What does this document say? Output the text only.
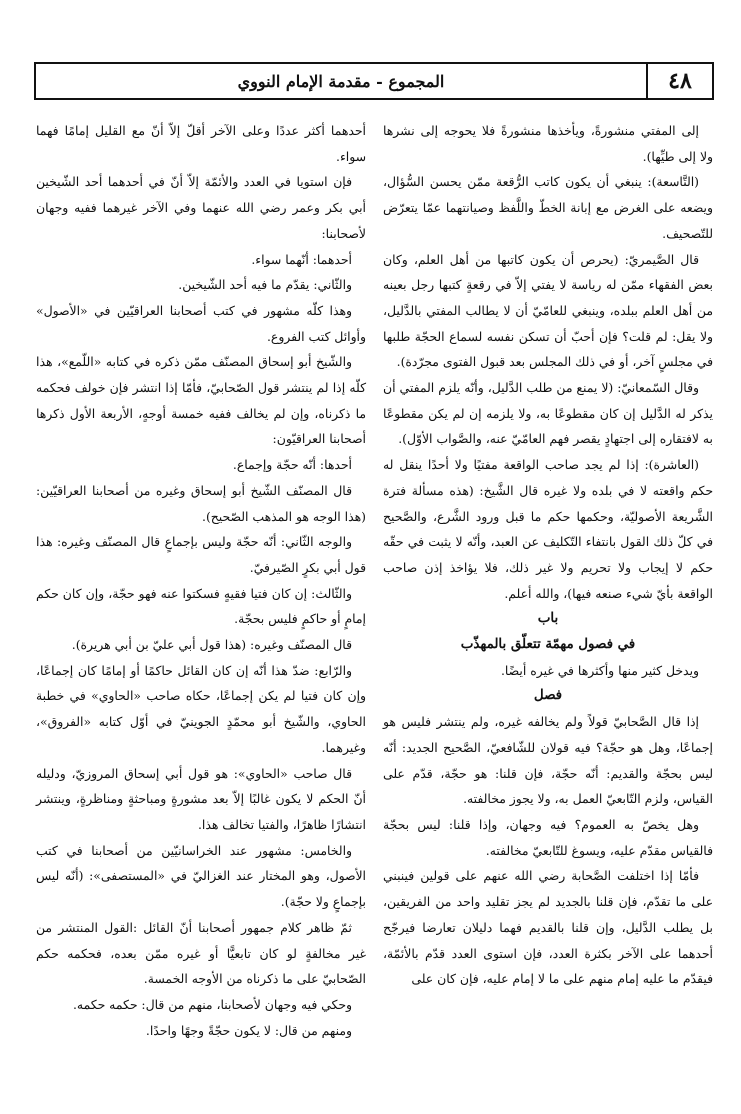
المجموع - مقدمة الإمام النووي	٤٨

إلى المفتي منشورةً، ويأخذها منشورةً فلا يحوجه إلى نشرها ولا إلى طيِّها).

(التَّاسعة): ينبغي أن يكون كاتب الرُّقعة ممّن يحسن السُّؤال، ويضعه على الغرض مع إبانة الخطّ واللَّفظ وصيانتهما عمّا يتعرّض للتّصحيف.

قال الصَّيمريّ: (يحرص أن يكون كاتبها من أهل العلم، وكان بعض الفقهاء ممّن له رياسة لا يفتي إلاّ في رقعةٍ كتبها رجل بعينه من أهل العلم ببلده، وينبغي للعامّيّ أن لا يطالب المفتي بالدَّليل، ولا يقل: لم قلت؟ فإن أحبّ أن تسكن نفسه لسماع الحجّة طلبها في مجلسٍ آخر، أو في ذلك المجلس بعد قبول الفتوى مجرّدة).

وقال السّمعانيّ: (لا يمنع من طلب الدَّليل، وأنّه يلزم المفتي أن يذكر له الدَّليل إن كان مقطوعًا به، ولا يلزمه إن لم يكن مقطوعًا به لافتقاره إلى اجتهادٍ يقصر فهم العامّيّ عنه، والصَّواب الأوّل).

(العاشرة): إذا لم يجد صاحب الواقعة مفتيًا ولا أحدًا ينقل له حكم واقعته لا في بلده ولا غيره قال الشَّيخ: (هذه مسألة فترة الشَّريعة الأصوليّة، وحكمها حكم ما قبل ورود الشَّرع، والصَّحيح في كلّ ذلك القول بانتفاء التّكليف عن العبد، وأنّه لا يثبت في حقّه حكم لا إيجاب ولا تحريم ولا غير ذلك، فلا يؤاخذ إذن صاحب الواقعة بأيّ شيء صنعه فيها)، والله أعلم.

باب

في فصول مهمّة تتعلّق بالمهذّب

ويدخل كثير منها وأكثرها في غيره أيضًا.

فصل

إذا قال الصَّحابيّ قولاً ولم يخالفه غيره، ولم ينتشر فليس هو إجماعًا، وهل هو حجّة؟ فيه قولان للشّافعيّ، الصَّحيح الجديد: أنّه ليس بحجّة والقديم: أنّه حجّة، فإن قلنا: هو حجّة، قدّم على القياس، ولزم التّابعيّ العمل به، ولا يجوز مخالفته.

وهل يخصّ به العموم؟ فيه وجهان، وإذا قلنا: ليس بحجّة فالقياس مقدّم عليه، ويسوغ للتّابعيّ مخالفته.

فأمّا إذا اختلفت الصَّحابة رضي الله عنهم على قولين فينبني على ما تقدّم، فإن قلنا بالجديد لم يجز تقليد واحد من الفريقين، بل يطلب الدَّليل، وإن قلنا بالقديم فهما دليلان تعارضا فيرجّح أحدهما على الآخر بكثرة العدد، فإن استوى العدد قدّم بالأئمّة، فيقدّم ما عليه إمام منهم على ما لا إمام عليه، فإن كان على

أحدهما أكثر عددًا وعلى الآخر أقلّ إلاّ أنّ مع القليل إمامًا فهما سواء.

فإن استويا في العدد والأئمّة إلاّ أنّ في أحدهما أحد الشّيخين أبي بكر وعمر رضي الله عنهما وفي الآخر غيرهما ففيه وجهان لأصحابنا:

أحدهما: أنّهما سواء.

والثّاني: يقدّم ما فيه أحد الشّيخين.

وهذا كلّه مشهور في كتب أصحابنا العراقيّين في «الأصول» وأوائل كتب الفروع.

والشّيخ أبو إسحاق المصنّف ممّن ذكره في كتابه «اللّمع»، هذا كلّه إذا لم ينتشر قول الصّحابيّ، فأمّا إذا انتشر فإن خولف فحكمه ما ذكرناه، وإن لم يخالف ففيه خمسة أوجهٍ، الأربعة الأول ذكرها أصحابنا العراقيّون:

أحدها: أنّه حجّة وإجماع.

قال المصنّف الشّيخ أبو إسحاق وغيره من أصحابنا العراقيّين: (هذا الوجه هو المذهب الصّحيح).

والوجه الثّاني: أنّه حجّة وليس بإجماعٍ قال المصنّف وغيره: هذا قول أبي بكرٍ الصّيرفيّ.

والثّالث: إن كان فتيا فقيهٍ فسكتوا عنه فهو حجّة، وإن كان حكم إمامٍ أو حاكمٍ فليس بحجّة.

قال المصنّف وغيره: (هذا قول أبي عليّ بن أبي هريرة).

والرّابع: ضدّ هذا أنّه إن كان القائل حاكمًا أو إمامًا كان إجماعًا، وإن كان فتيا لم يكن إجماعًا، حكاه صاحب «الحاوي» في خطبة الحاوي، والشّيخ أبو محمّدٍ الجوينيّ في أوّل كتابه «الفروق»، وغيرهما.

قال صاحب «الحاوي»: هو قول أبي إسحاق المروزيّ، ودليله أنّ الحكم لا يكون غالبًا إلاّ بعد مشورةٍ ومباحثةٍ ومناظرةٍ، وينتشر انتشارًا ظاهرًا، والفتيا تخالف هذا.

والخامس: مشهور عند الخراسانيّين من أصحابنا في كتب الأصول، وهو المختار عند الغزاليّ في «المستصفى»: (أنّه ليس بإجماعٍ ولا حجّة).

ثمّ ظاهر كلام جمهور أصحابنا أنّ القائل :القول المنتشر من غير مخالفةٍ لو كان تابعيًّا أو غيره ممّن بعده، فحكمه حكم الصّحابيّ على ما ذكرناه من الأوجه الخمسة.

وحكي فيه وجهان لأصحابنا، منهم من قال: حكمه حكمه.

ومنهم من قال: لا يكون حجّةً وجهًا واحدًا.
